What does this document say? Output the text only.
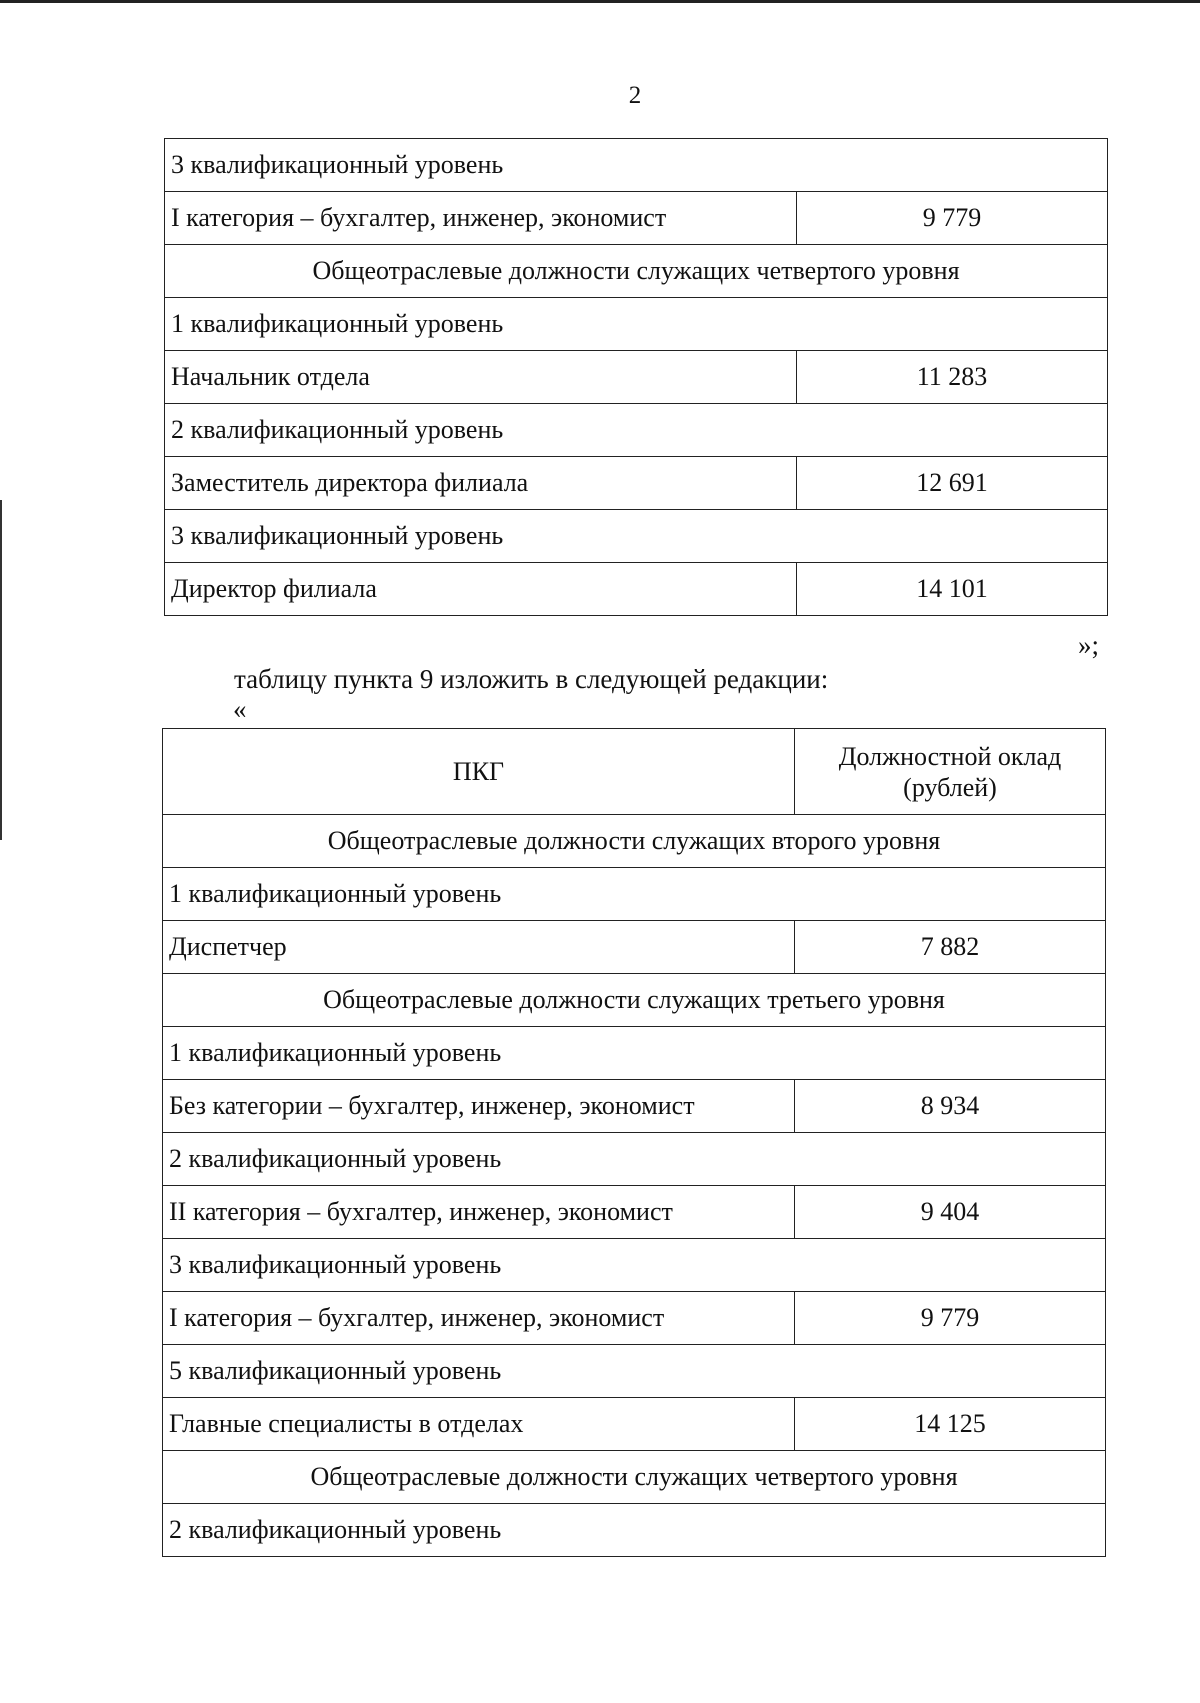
2
3 квалификационный уровень	
I категория – бухгалтер, инженер, экономист	9 779
Общеотраслевые должности служащих четвертого уровня	
1 квалификационный уровень	
Начальник отдела	11 283
2 квалификационный уровень	
Заместитель директора филиала	12 691
3 квалификационный уровень	
Директор филиала	14 101
»;
таблицу пункта 9 изложить в следующей редакции:
«
ПКГ	Должностной оклад
(рублей)

Общеотраслевые должности служащих второго уровня	
1 квалификационный уровень	
Диспетчер	7 882
Общеотраслевые должности служащих третьего уровня	
1 квалификационный уровень	
Без категории – бухгалтер, инженер, экономист	8 934
2 квалификационный уровень	
II категория – бухгалтер, инженер, экономист	9 404
3 квалификационный уровень	
I категория – бухгалтер, инженер, экономист	9 779
5 квалификационный уровень	
Главные специалисты в отделах	14 125
Общеотраслевые должности служащих четвертого уровня	
2 квалификационный уровень	
